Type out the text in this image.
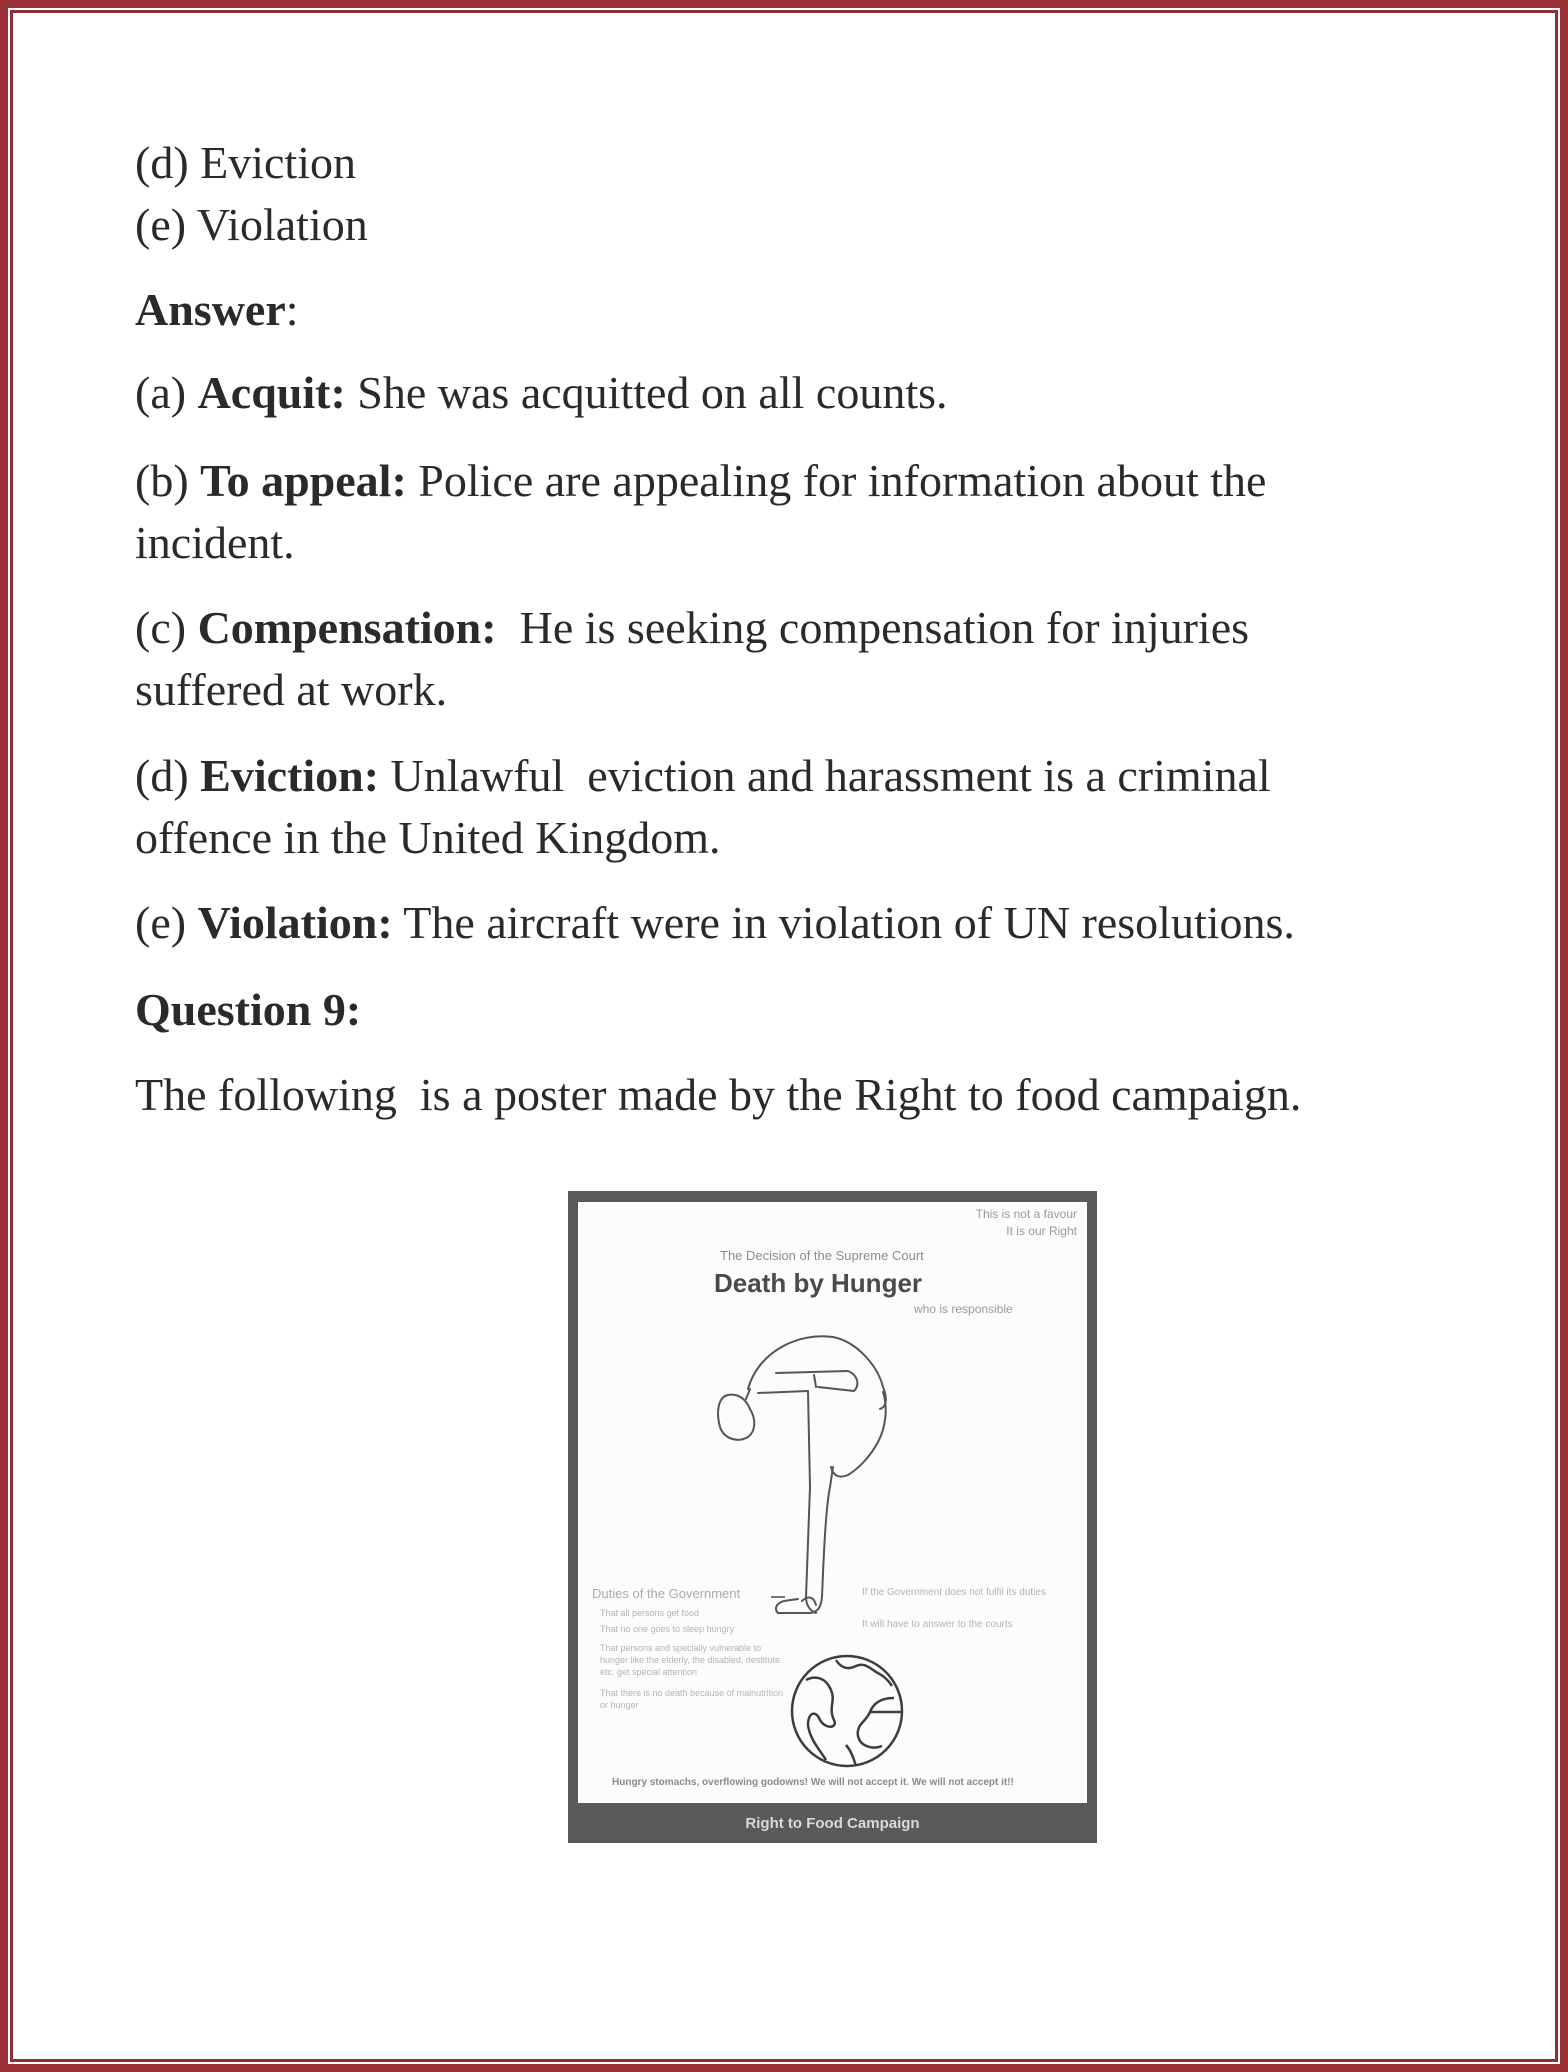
(d) Eviction
(e) Violation
Answer:
(a) Acquit: She was acquitted on all counts.
(b) To appeal: Police are appealing for information about the
incident.
(c) Compensation:  He is seeking compensation for injuries
suffered at work.
(d) Eviction: Unlawful  eviction and harassment is a criminal
offence in the United Kingdom.
(e) Violation: The aircraft were in violation of UN resolutions.
Question 9:
The following  is a poster made by the Right to food campaign.
This is not a favour
It is our Right
The Decision of the Supreme Court
Death by Hunger
who is responsible
Duties of the Government
That all persons get food
That no one goes to sleep hungry
That persons and specially vulnerable to hunger like the elderly, the disabled, destitute etc. get special attention
That there is no death because of malnutrition or hunger
If the Government does not fulfil its duties
It will have to answer to the courts
Hungry stomachs, overflowing godowns! We will not accept it. We will not accept it!!
Right to Food Campaign
